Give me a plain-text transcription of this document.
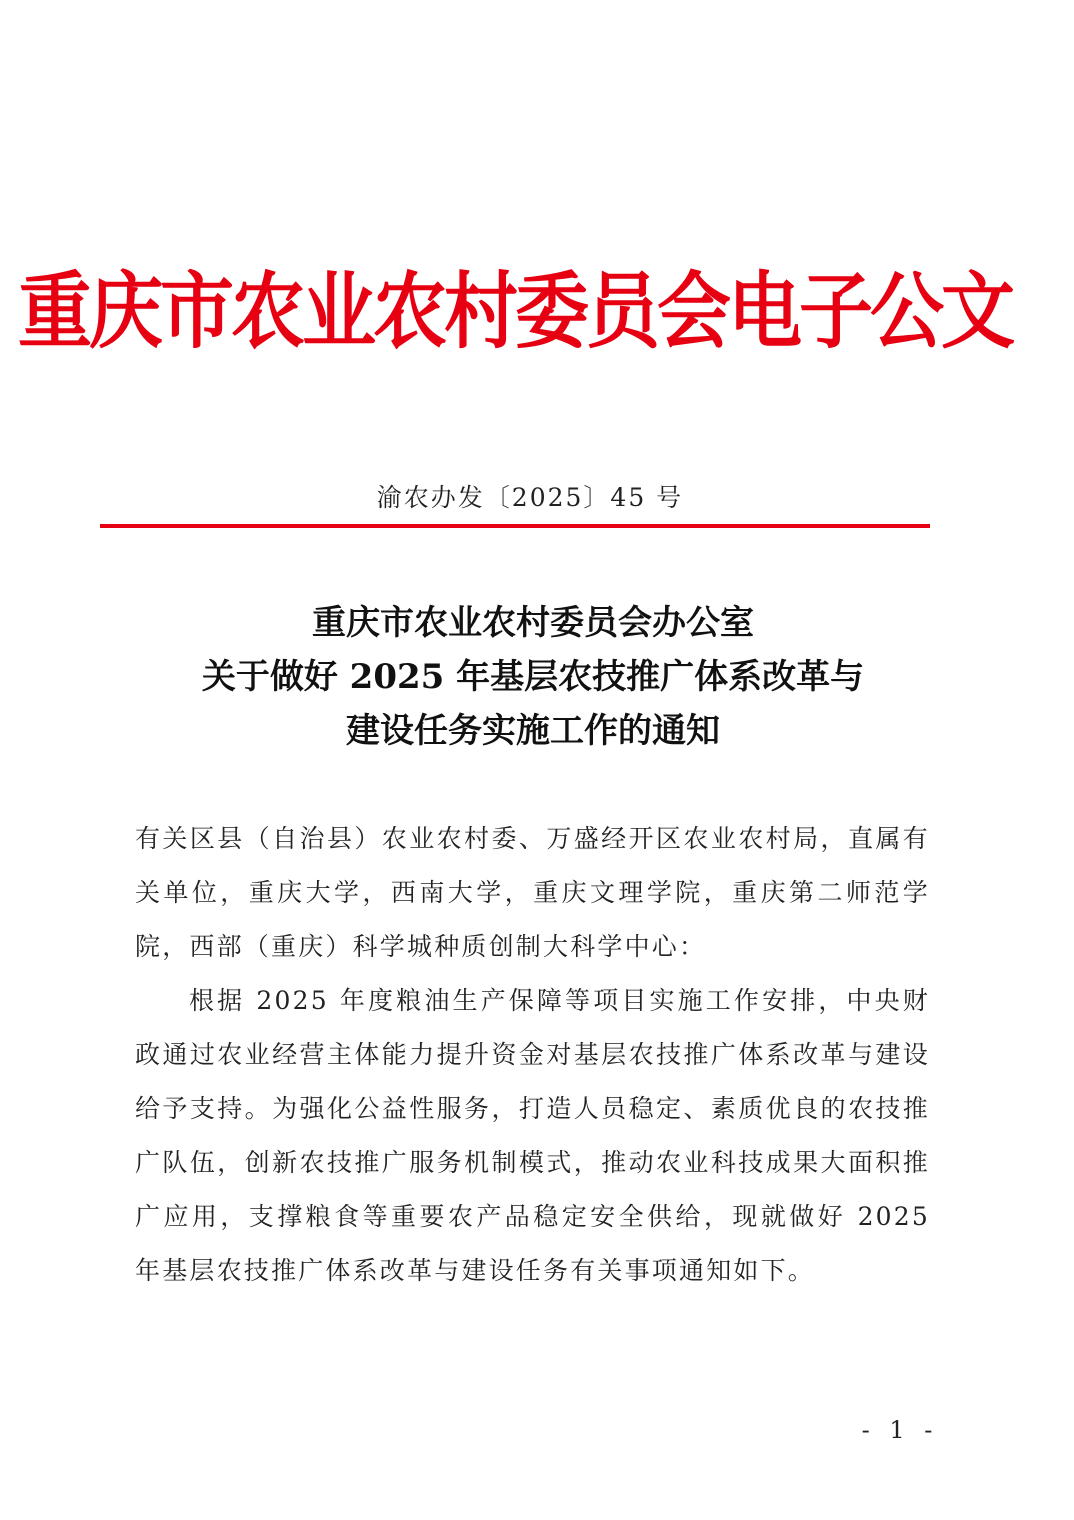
重庆市农业农村委员会电子公文
渝农办发〔2025〕45 号
重庆市农业农村委员会办公室
关于做好 2025 年基层农技推广体系改革与
建设任务实施工作的通知

有关区县（自治县）农业农村委、万盛经开区农业农村局，直属有关单位，重庆大学，西南大学，重庆文理学院，重庆第二师范学院，西部（重庆）科学城种质创制大科学中心：

根据 2025 年度粮油生产保障等项目实施工作安排，中央财政通过农业经营主体能力提升资金对基层农技推广体系改革与建设给予支持。为强化公益性服务，打造人员稳定、素质优良的农技推广队伍，创新农技推广服务机制模式，推动农业科技成果大面积推广应用，支撑粮食等重要农产品稳定安全供给，现就做好 2025 年基层农技推广体系改革与建设任务有关事项通知如下。

- 1 -
